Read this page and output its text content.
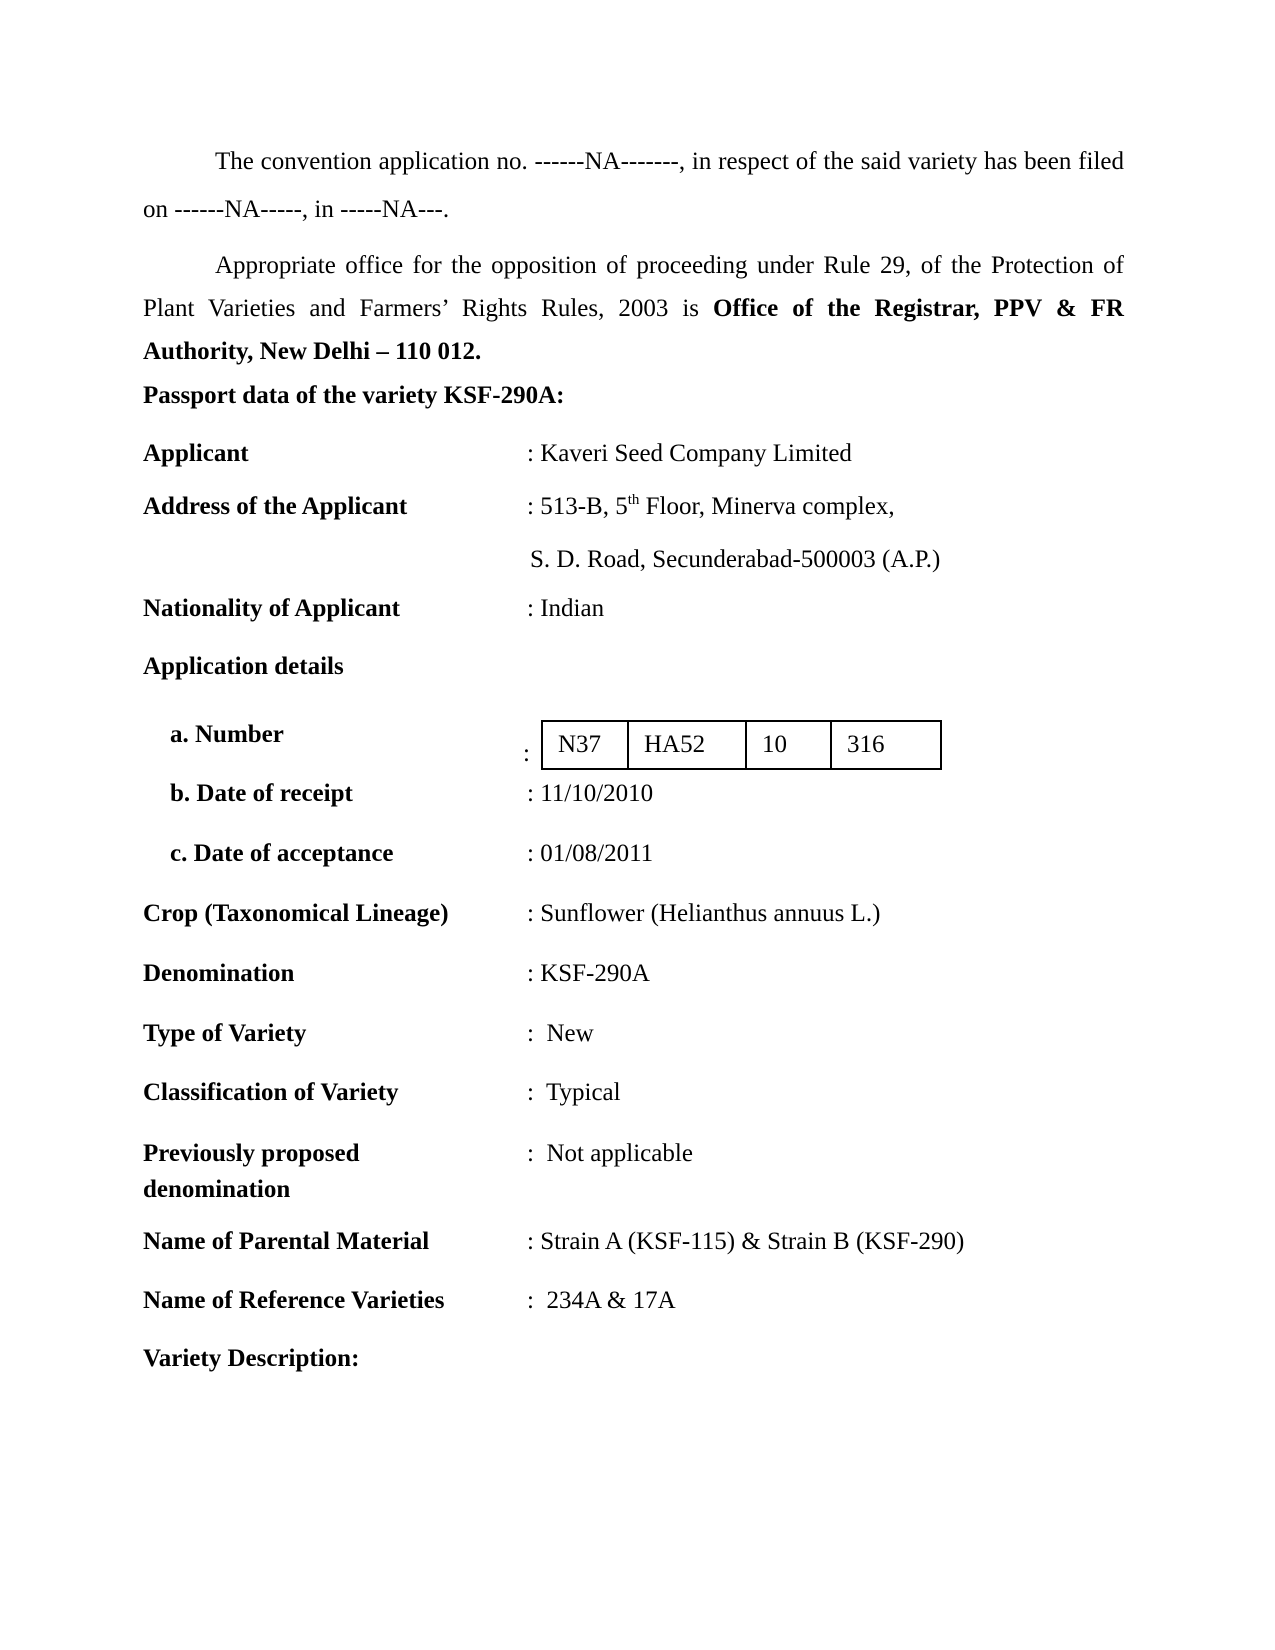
The convention application no. ------NA-------, in respect of the said variety has been filed on ------NA-----, in -----NA---.
Appropriate office for the opposition of proceeding under Rule 29, of the Protection of Plant Varieties and Farmers’ Rights Rules, 2003 is Office of the Registrar, PPV & FR Authority, New Delhi – 110 012.
Passport data of the variety KSF-290A:
Applicant	: Kaveri Seed Company Limited
Address of the Applicant	: 513-B, 5th Floor, Minerva complex,
S. D. Road, Secunderabad-500003 (A.P.)
Nationality of Applicant	: Indian
Application details
a. Number
: N37	HA52	10	316
b. Date of receipt	: 11/10/2010
c. Date of acceptance	: 01/08/2011
Crop (Taxonomical Lineage)	: Sunflower (Helianthus annuus L.)
Denomination	: KSF-290A
Type of Variety	:  New
Classification of Variety	:  Typical
Previously proposed denomination
:  Not applicable
Name of Parental Material	: Strain A (KSF-115) & Strain B (KSF-290)
Name of Reference Varieties	:  234A & 17A
Variety Description:
